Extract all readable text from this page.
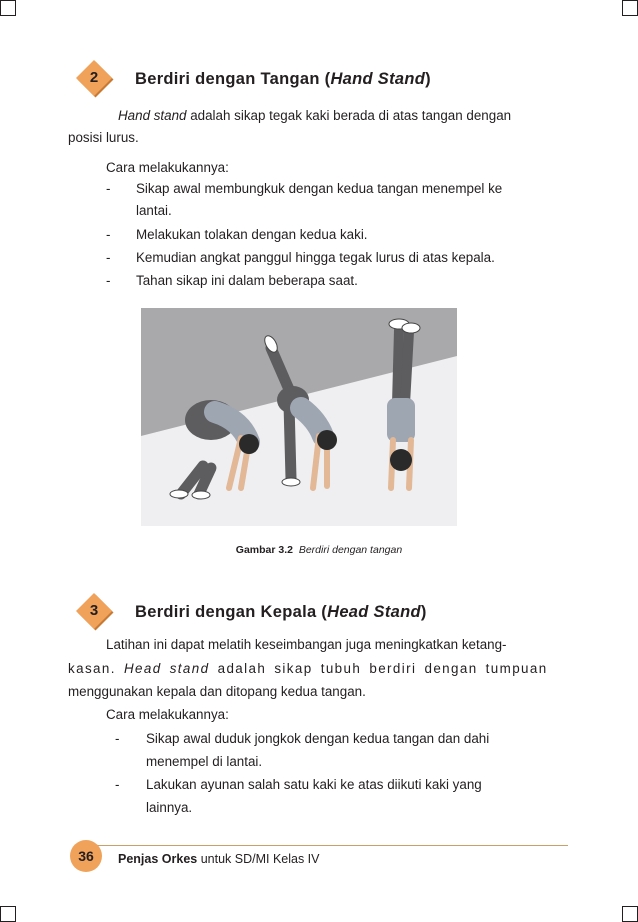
2	Berdiri dengan Tangan (Hand Stand)
Hand stand adalah sikap tegak kaki berada di atas tangan dengan
posisi lurus.
Cara melakukannya:
- Sikap awal membungkuk dengan kedua tangan menempel ke
lantai.
- Melakukan tolakan dengan kedua kaki.
- Kemudian angkat panggul hingga tegak lurus di atas kepala.
- Tahan sikap ini dalam beberapa saat.
Gambar 3.2 Berdiri dengan tangan
3	Berdiri dengan Kepala (Head Stand)
Latihan ini dapat melatih keseimbangan juga meningkatkan ketang-
kasan. Head stand adalah sikap tubuh berdiri dengan tumpuan
menggunakan kepala dan ditopang kedua tangan.
Cara melakukannya:
- Sikap awal duduk jongkok dengan kedua tangan dan dahi
menempel di lantai.
- Lakukan ayunan salah satu kaki ke atas diikuti kaki yang
lainnya.
36	Penjas Orkes untuk SD/MI Kelas IV
